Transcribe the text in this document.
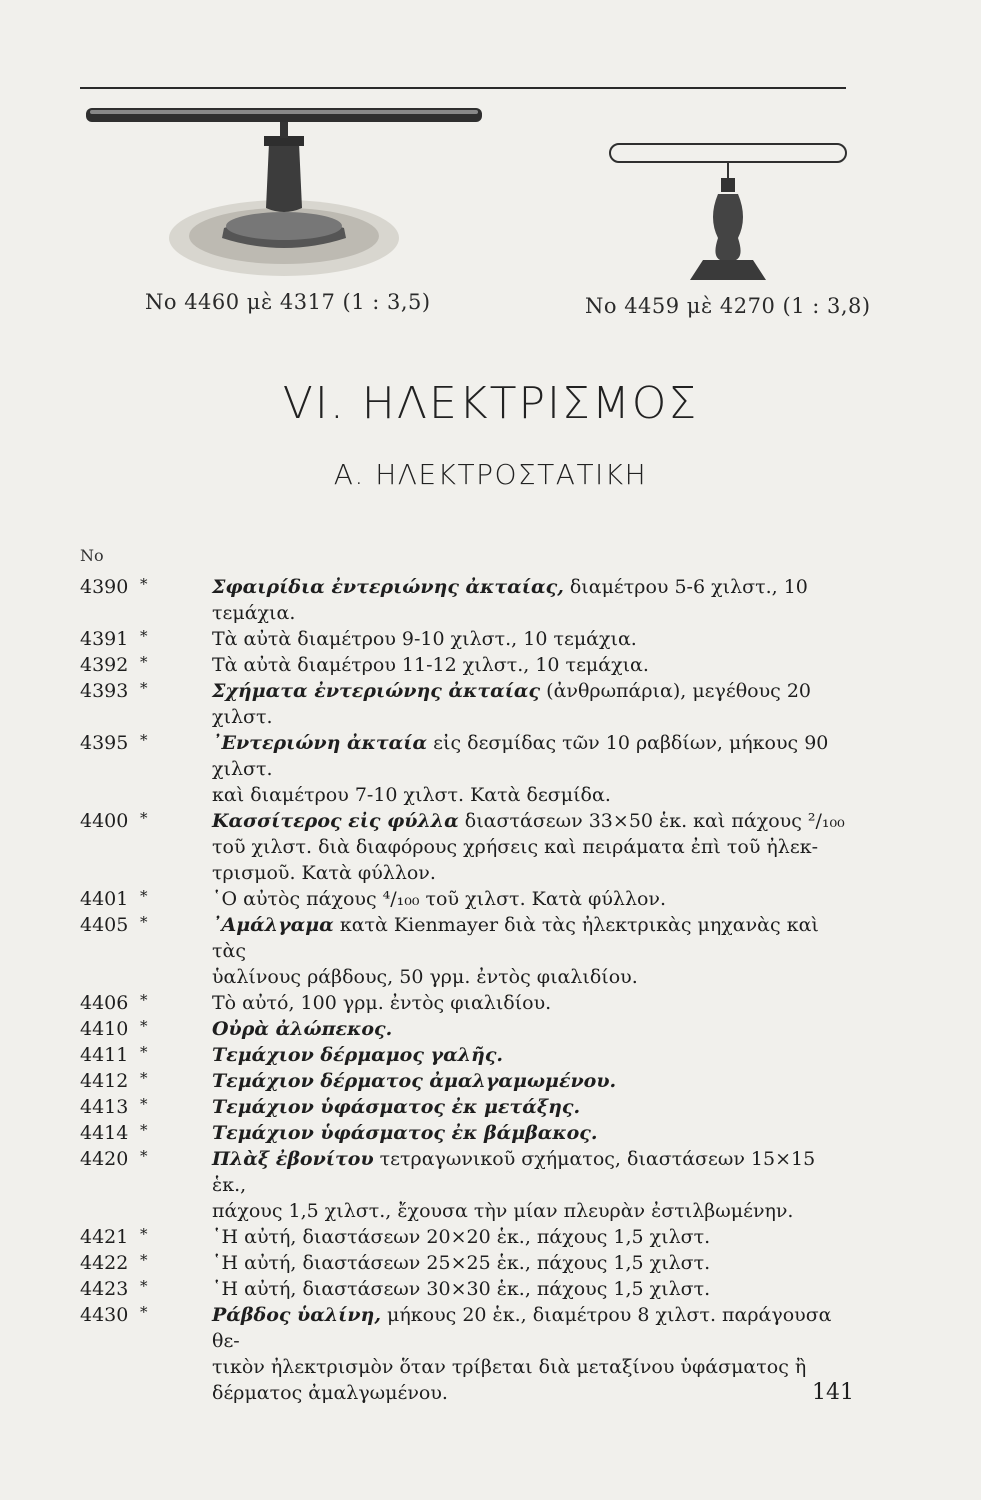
Νο 4460 μὲ 4317 (1 : 3,5)	Νο 4459 μὲ 4270 (1 : 3,8)
VI. ΗΛΕΚΤΡΙΣΜΟΣ
Α. ΗΛΕΚΤΡΟΣΤΑΤΙΚΗ
Νο
4390 *	Σφαιρίδια ἐντεριώνης ἀκταίας, διαμέτρου 5-6 χιλστ., 10 τεμάχια.
4391 *	Τὰ αὐτὰ διαμέτρου 9-10 χιλστ., 10 τεμάχια.
4392 *	Τὰ αὐτὰ διαμέτρου 11-12 χιλστ., 10 τεμάχια.
4393 *	Σχήματα ἐντεριώνης ἀκταίας (ἀνθρωπάρια), μεγέθους 20 χιλστ.
4395 *	᾿Εντεριώνη ἀκταία εἰς δεσμίδας τῶν 10 ραβδίων, μήκους 90 χιλστ.
καὶ διαμέτρου 7-10 χιλστ. Κατὰ δεσμίδα.
4400 *	Κασσίτερος εἰς φύλλα διαστάσεων 33×50 ἑκ. καὶ πάχους ²/₁₀₀
τοῦ χιλστ. διὰ διαφόρους χρήσεις καὶ πειράματα ἐπὶ τοῦ ἠλεκ-τρισμοῦ. Κατὰ φύλλον.
4401 *	῾Ο αὐτὸς πάχους ⁴/₁₀₀ τοῦ χιλστ. Κατὰ φύλλον.
4405 *	᾿Αμάλγαμα κατὰ Kienmayer διὰ τὰς ἠλεκτρικὰς μηχανὰς καὶ τὰς
ὑαλίνους ράβδους, 50 γρμ. ἐντὸς φιαλιδίου.
4406 *	Τὸ αὐτό, 100 γρμ. ἐντὸς φιαλιδίου.
4410 *	Οὐρὰ ἀλώπεκος.
4411 *	Τεμάχιον δέρμαμος γαλῆς.
4412 *	Τεμάχιον δέρματος ἀμαλγαμωμένου.
4413 *	Τεμάχιον ὑφάσματος ἐκ μετάξης.
4414 *	Τεμάχιον ὑφάσματος ἐκ βάμβακος.
4420 *	Πλὰξ ἐβονίτου τετραγωνικοῦ σχήματος, διαστάσεων 15×15 ἑκ.,
πάχους 1,5 χιλστ., ἔχουσα τὴν μίαν πλευρὰν ἐστιλβωμένην.
4421 *	῾Η αὐτή, διαστάσεων 20×20 ἑκ., πάχους 1,5 χιλστ.
4422 *	῾Η αὐτή, διαστάσεων 25×25 ἑκ., πάχους 1,5 χιλστ.
4423 *	῾Η αὐτή, διαστάσεων 30×30 ἑκ., πάχους 1,5 χιλστ.
4430 *	Ράβδος ὑαλίνη, μήκους 20 ἑκ., διαμέτρου 8 χιλστ. παράγουσα θε-
τικὸν ἠλεκτρισμὸν ὅταν τρίβεται διὰ μεταξίνου ὑφάσματος ἢ δέρματος ἀμαλγωμένου.	141
